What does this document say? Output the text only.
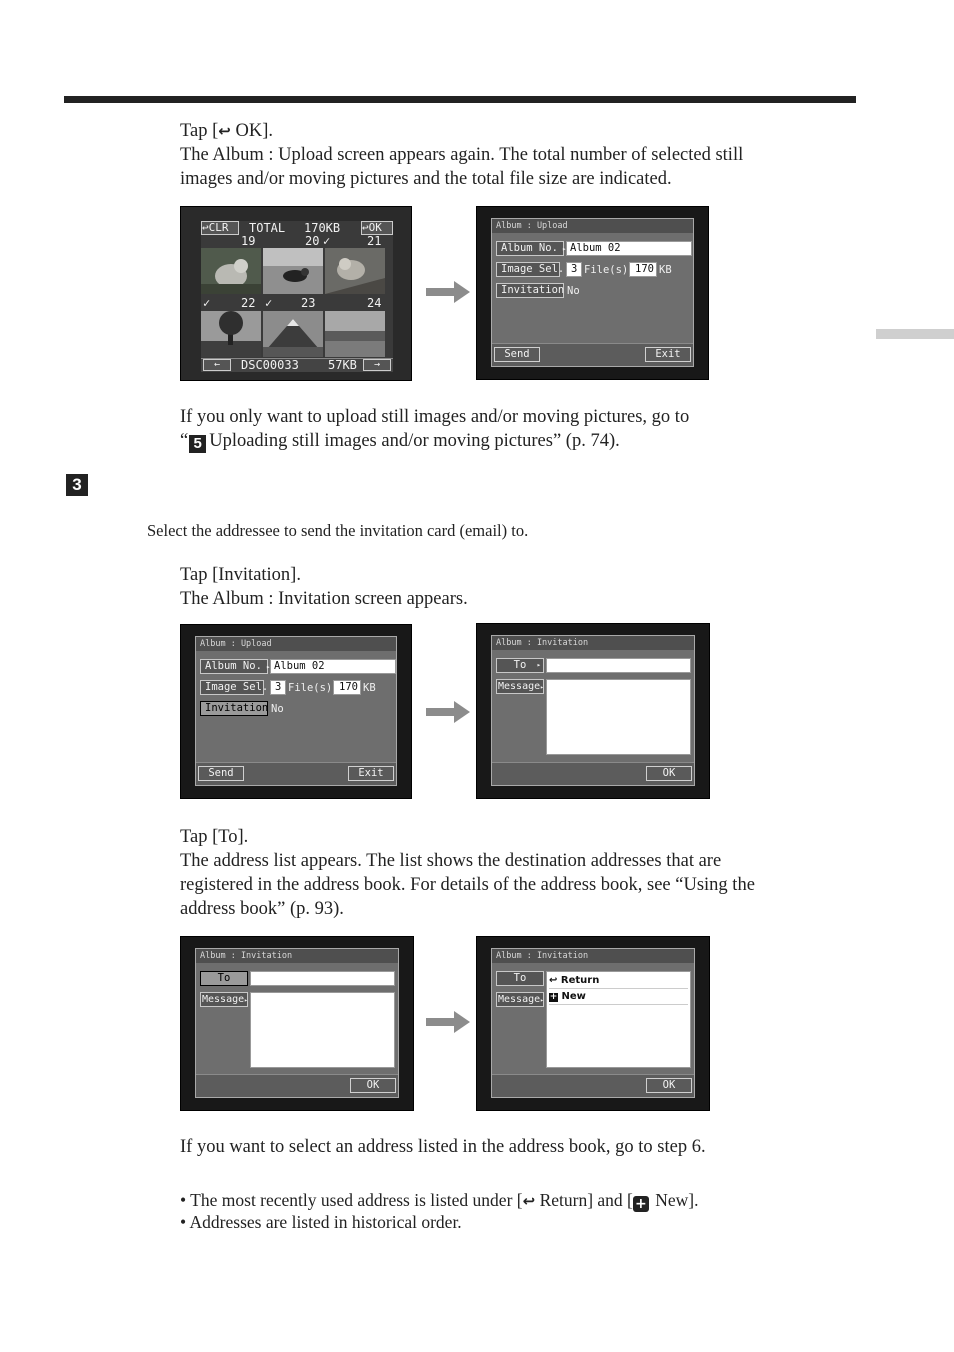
Tap [↩ OK].
The Album : Upload screen appears again. The total number of selected still
images and/or moving pictures and the total file size are indicated.
↩CLR	TOTAL 170KB ↩OK
19	20 ✓	21
✓	22 ✓ 23	24
←	DSC00033 57KB	→
Album : Upload
Album No. ▸ Album 02
Image Sel. 3 File(s) 170 KB
Invitation No
Send	Exit
If you only want to upload still images and/or moving pictures, go to
“ 5 Uploading still images and/or moving pictures” (p. 74).
3
Select the addressee to send the invitation card (email) to.
Tap [Invitation].
The Album : Invitation screen appears.
Album : Upload
Album No. ▸ Album 02
Image Sel. 3 File(s) 170 KB
Invitation No
Send	Exit
Album : Invitation
To ▸
Message▸
OK
Tap [To].
The address list appears. The list shows the destination addresses that are
registered in the address book. For details of the address book, see “Using the
address book” (p. 93).
Album : Invitation
To
Message▸
OK
Album : Invitation
To
Message▸
↩ Return
+ New
OK
If you want to select an address listed in the address book, go to step 6.
• The most recently used address is listed under [↩ Return] and [ + New].
• Addresses are listed in historical order.
